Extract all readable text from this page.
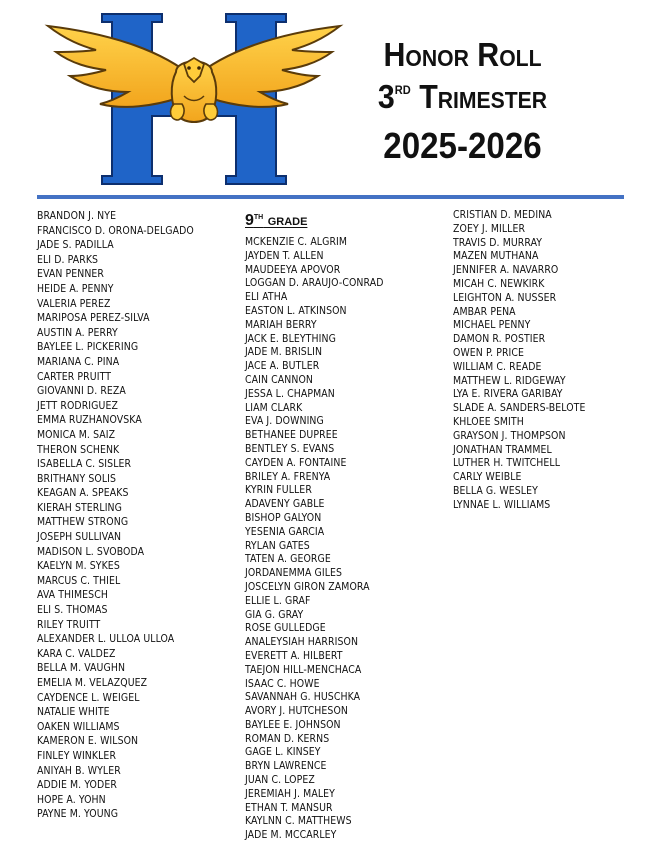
Honor Roll
3rd Trimester
2025-2026
BRANDON J. NYE
FRANCISCO D. ORONA-DELGADO
JADE S. PADILLA
ELI D. PARKS
EVAN PENNER
HEIDE A. PENNY
VALERIA PEREZ
MARIPOSA PEREZ-SILVA
AUSTIN A. PERRY
BAYLEE L. PICKERING
MARIANA C. PINA
CARTER PRUITT
GIOVANNI D. REZA
JETT RODRIGUEZ
EMMA RUZHANOVSKA
MONICA M. SAIZ
THERON SCHENK
ISABELLA C. SISLER
BRITHANY SOLIS
KEAGAN A. SPEAKS
KIERAH STERLING
MATTHEW STRONG
JOSEPH SULLIVAN
MADISON L. SVOBODA
KAELYN M. SYKES
MARCUS C. THIEL
AVA THIMESCH
ELI S. THOMAS
RILEY TRUITT
ALEXANDER L. ULLOA ULLOA
KARA C. VALDEZ
BELLA M. VAUGHN
EMELIA M. VELAZQUEZ
CAYDENCE L. WEIGEL
NATALIE WHITE
OAKEN WILLIAMS
KAMERON E. WILSON
FINLEY WINKLER
ANIYAH B. WYLER
ADDIE M. YODER
HOPE A. YOHN
PAYNE M. YOUNG
9th grade
MCKENZIE C. ALGRIM
JAYDEN T. ALLEN
MAUDEEYA APOVOR
LOGGAN D. ARAUJO-CONRAD
ELI ATHA
EASTON L. ATKINSON
MARIAH BERRY
JACK E. BLEYTHING
JADE M. BRISLIN
JACE A. BUTLER
CAIN CANNON
JESSA L. CHAPMAN
LIAM CLARK
EVA J. DOWNING
BETHANEE DUPREE
BENTLEY S. EVANS
CAYDEN A. FONTAINE
BRILEY A. FRENYA
KYRIN FULLER
ADAVENY GABLE
BISHOP GALYON
YESENIA GARCIA
RYLAN GATES
TATEN A. GEORGE
JORDANEMMA GILES
JOSCELYN GIRON ZAMORA
ELLIE L. GRAF
GIA G. GRAY
ROSE GULLEDGE
ANALEYSIAH HARRISON
EVERETT A. HILBERT
TAEJON HILL-MENCHACA
ISAAC C. HOWE
SAVANNAH G. HUSCHKA
AVORY J. HUTCHESON
BAYLEE E. JOHNSON
ROMAN D. KERNS
GAGE L. KINSEY
BRYN LAWRENCE
JUAN C. LOPEZ
JEREMIAH J. MALEY
ETHAN T. MANSUR
KAYLNN C. MATTHEWS
JADE M. MCCARLEY
CRISTIAN D. MEDINA
ZOEY J. MILLER
TRAVIS D. MURRAY
MAZEN MUTHANA
JENNIFER A. NAVARRO
MICAH C. NEWKIRK
LEIGHTON A. NUSSER
AMBAR PENA
MICHAEL PENNY
DAMON R. POSTIER
OWEN P. PRICE
WILLIAM C. READE
MATTHEW L. RIDGEWAY
LYA E. RIVERA GARIBAY
SLADE A. SANDERS-BELOTE
KHLOEE SMITH
GRAYSON J. THOMPSON
JONATHAN TRAMMEL
LUTHER H. TWITCHELL
CARLY WEIBLE
BELLA G. WESLEY
LYNNAE L. WILLIAMS
